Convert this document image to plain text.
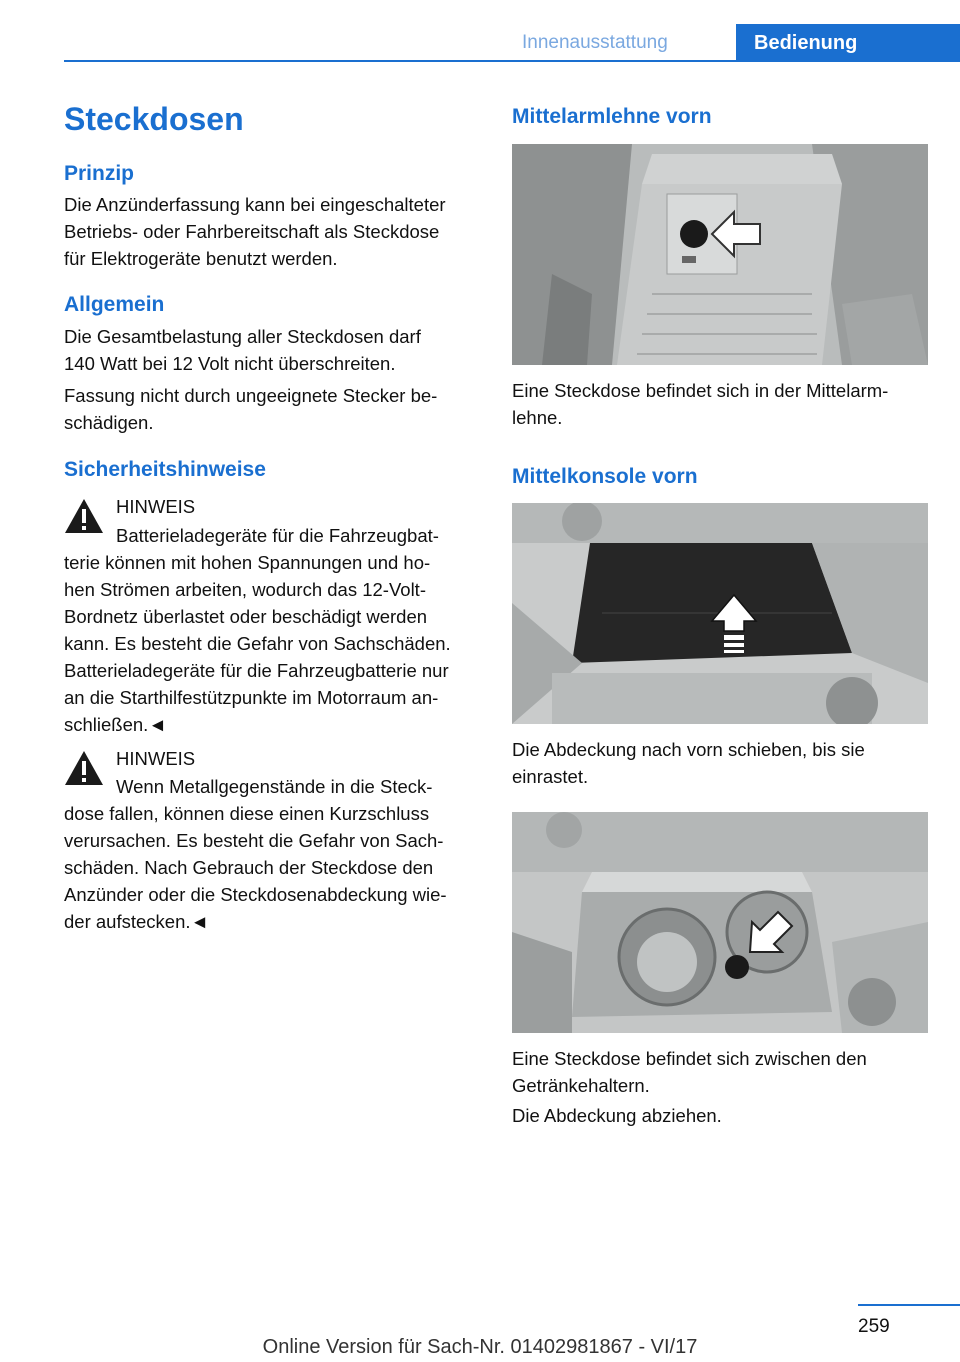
Innenausstattung	Bedienung
Steckdosen
Prinzip
Die Anzünderfassung kann bei eingeschalteter
Betriebs- oder Fahrbereitschaft als Steckdose
für Elektrogeräte benutzt werden.
Allgemein
Die Gesamtbelastung aller Steckdosen darf
140 Watt bei 12 Volt nicht überschreiten.
Fassung nicht durch ungeeignete Stecker be-
schädigen.
Sicherheitshinweise
HINWEIS
Batterieladegeräte für die Fahrzeugbat-
terie können mit hohen Spannungen und ho-
hen Strömen arbeiten, wodurch das 12-Volt-
Bordnetz überlastet oder beschädigt werden
kann. Es besteht die Gefahr von Sachschäden.
Batterieladegeräte für die Fahrzeugbatterie nur
an die Starthilfestützpunkte im Motorraum an-
schließen.◄
HINWEIS
Wenn Metallgegenstände in die Steck-
dose fallen, können diese einen Kurzschluss
verursachen. Es besteht die Gefahr von Sach-
schäden. Nach Gebrauch der Steckdose den
Anzünder oder die Steckdosenabdeckung wie-
der aufstecken.◄
Mittelarmlehne vorn
Eine Steckdose befindet sich in der Mittelarm-
lehne.
Mittelkonsole vorn
Die Abdeckung nach vorn schieben, bis sie
einrastet.
Eine Steckdose befindet sich zwischen den
Getränkehaltern.
Die Abdeckung abziehen.
259
Online Version für Sach-Nr. 01402981867 - VI/17
